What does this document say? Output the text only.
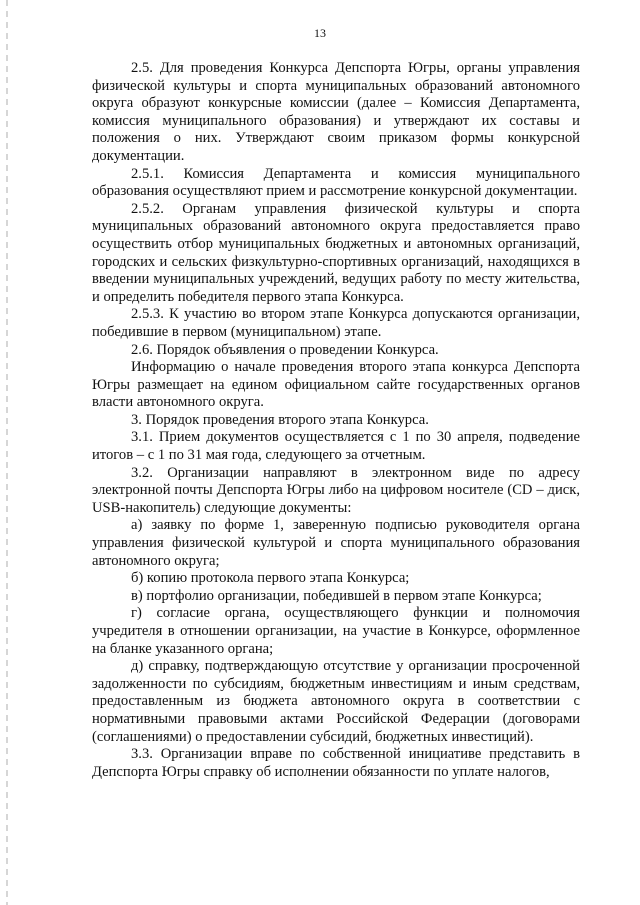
13

2.5. Для проведения Конкурса Депспорта Югры, органы управления физической культуры и спорта муниципальных образований автономного округа образуют конкурсные комиссии (далее – Комиссия Департамента, комиссия муниципального образования) и утверждают их составы и положения о них. Утверждают своим приказом формы конкурсной документации.

2.5.1. Комиссия Департамента и комиссия муниципального образования осуществляют прием и рассмотрение конкурсной документации.

2.5.2. Органам управления физической культуры и спорта муниципальных образований автономного округа предоставляется право осуществить отбор муниципальных бюджетных и автономных организаций, городских и сельских физкультурно-спортивных организаций, находящихся в введении муниципальных учреждений, ведущих работу по месту жительства, и определить победителя первого этапа Конкурса.

2.5.3. К участию во втором этапе Конкурса допускаются организации, победившие в первом (муниципальном) этапе.

2.6. Порядок объявления о проведении Конкурса.

Информацию о начале проведения второго этапа конкурса Депспорта Югры размещает на едином официальном сайте государственных органов власти автономного округа.

3. Порядок проведения второго этапа Конкурса.

3.1. Прием документов осуществляется с 1 по 30 апреля, подведение итогов – с 1 по 31 мая года, следующего за отчетным.

3.2. Организации направляют в электронном виде по адресу электронной почты Депспорта Югры либо на цифровом носителе (CD – диск, USB-накопитель) следующие документы:

а) заявку по форме 1, заверенную подписью руководителя органа управления физической культурой и спорта муниципального образования автономного округа;

б) копию протокола первого этапа Конкурса;

в) портфолио организации, победившей в первом этапе Конкурса;

г) согласие органа, осуществляющего функции и полномочия учредителя в отношении организации, на участие в Конкурсе, оформленное на бланке указанного органа;

д) справку, подтверждающую отсутствие у организации просроченной задолженности по субсидиям, бюджетным инвестициям и иным средствам, предоставленным из бюджета автономного округа в соответствии с нормативными правовыми актами Российской Федерации (договорами (соглашениями) о предоставлении субсидий, бюджетных инвестиций).

3.3. Организации вправе по собственной инициативе представить в Депспорта Югры справку об исполнении обязанности по уплате налогов,
